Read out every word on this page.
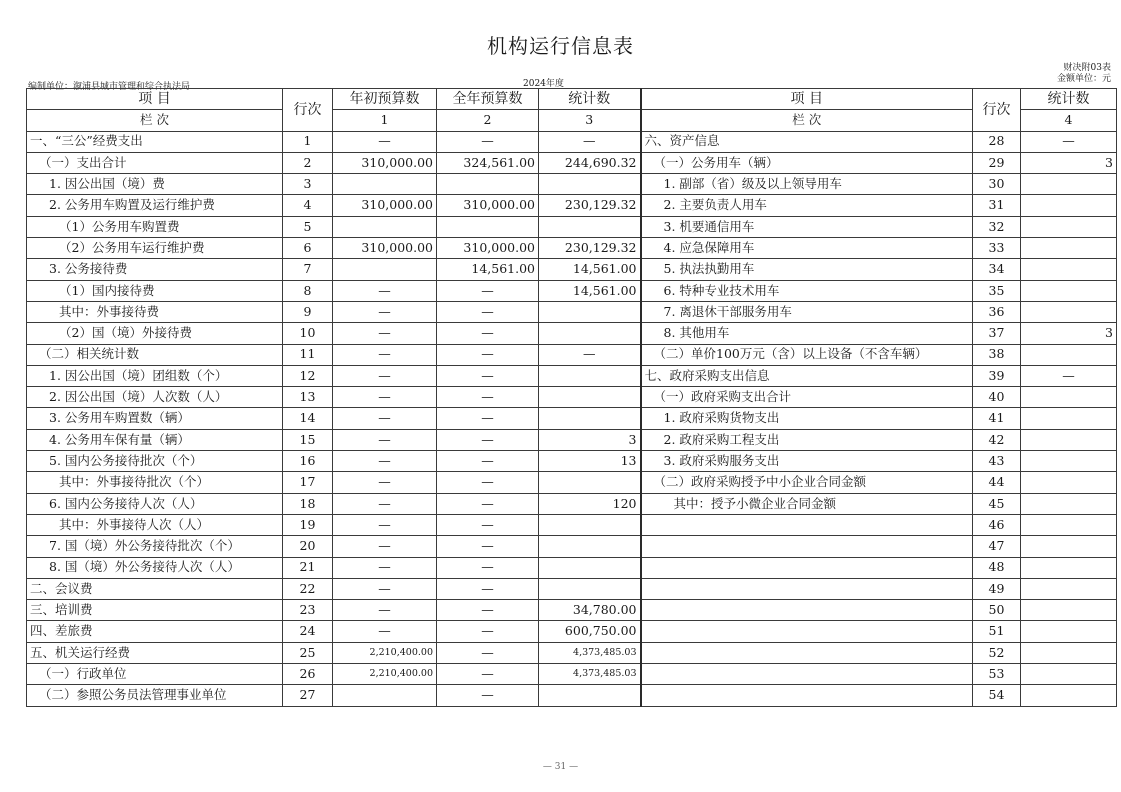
机构运行信息表
财决附03表
金额单位：元
编制单位：溆浦县城市管理和综合执法局	2024年度
项 目	行次	年初预算数	全年预算数	统计数	项 目	行次	统计数
栏 次		1	2	3	栏 次		4
一、“三公”经费支出	1	—	—	—	六、资产信息	28	—
（一）支出合计	2	310,000.00	324,561.00	244,690.32	（一）公务用车（辆）	29	3
1. 因公出国（境）费	3				1. 副部（省）级及以上领导用车	30	
2. 公务用车购置及运行维护费	4	310,000.00	310,000.00	230,129.32	2. 主要负责人用车	31	
（1）公务用车购置费	5				3. 机要通信用车	32	
（2）公务用车运行维护费	6	310,000.00	310,000.00	230,129.32	4. 应急保障用车	33	
3. 公务接待费	7		14,561.00	14,561.00	5. 执法执勤用车	34	
（1）国内接待费	8	—	—	14,561.00	6. 特种专业技术用车	35	
其中：外事接待费	9	—	—		7. 离退休干部服务用车	36	
（2）国（境）外接待费	10	—	—		8. 其他用车	37	3
（二）相关统计数	11	—	—	—	（二）单价100万元（含）以上设备（不含车辆）	38	
1. 因公出国（境）团组数（个）	12	—	—		七、政府采购支出信息	39	—
2. 因公出国（境）人次数（人）	13	—	—		（一）政府采购支出合计	40	
3. 公务用车购置数（辆）	14	—	—		1. 政府采购货物支出	41	
4. 公务用车保有量（辆）	15	—	—	3	2. 政府采购工程支出	42	
5. 国内公务接待批次（个）	16	—	—	13	3. 政府采购服务支出	43	
其中：外事接待批次（个）	17	—	—		（二）政府采购授予中小企业合同金额	44	
6. 国内公务接待人次（人）	18	—	—	120	其中：授予小微企业合同金额	45	
其中：外事接待人次（人）	19	—	—			46	
7. 国（境）外公务接待批次（个）	20	—	—			47	
8. 国（境）外公务接待人次（人）	21	—	—			48	
二、会议费	22	—	—			49	
三、培训费	23	—	—	34,780.00		50	
四、差旅费	24	—	—	600,750.00		51	
五、机关运行经费	25	2,210,400.00	—	4,373,485.03		52	
（一）行政单位	26	2,210,400.00	—	4,373,485.03		53	
（二）参照公务员法管理事业单位	27		—			54	
— 31 —
